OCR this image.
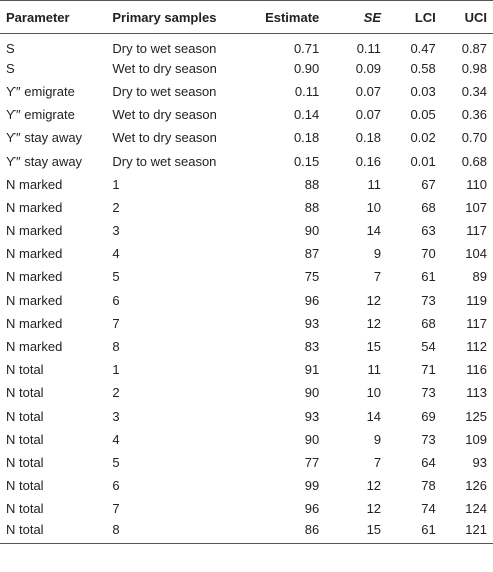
Parameter	Primary samples	Estimate	SE	LCI	UCI
S	Dry to wet season	0.71	0.11	0.47	0.87
S	Wet to dry season	0.90	0.09	0.58	0.98
ϒ″ emigrate	Dry to wet season	0.11	0.07	0.03	0.34
ϒ″ emigrate	Wet to dry season	0.14	0.07	0.05	0.36
ϒ″ stay away	Wet to dry season	0.18	0.18	0.02	0.70
ϒ″ stay away	Dry to wet season	0.15	0.16	0.01	0.68
N marked	1	88	11	67	110
N marked	2	88	10	68	107
N marked	3	90	14	63	117
N marked	4	87	9	70	104
N marked	5	75	7	61	89
N marked	6	96	12	73	119
N marked	7	93	12	68	117
N marked	8	83	15	54	112
N total	1	91	11	71	116
N total	2	90	10	73	113
N total	3	93	14	69	125
N total	4	90	9	73	109
N total	5	77	7	64	93
N total	6	99	12	78	126
N total	7	96	12	74	124
N total	8	86	15	61	121
